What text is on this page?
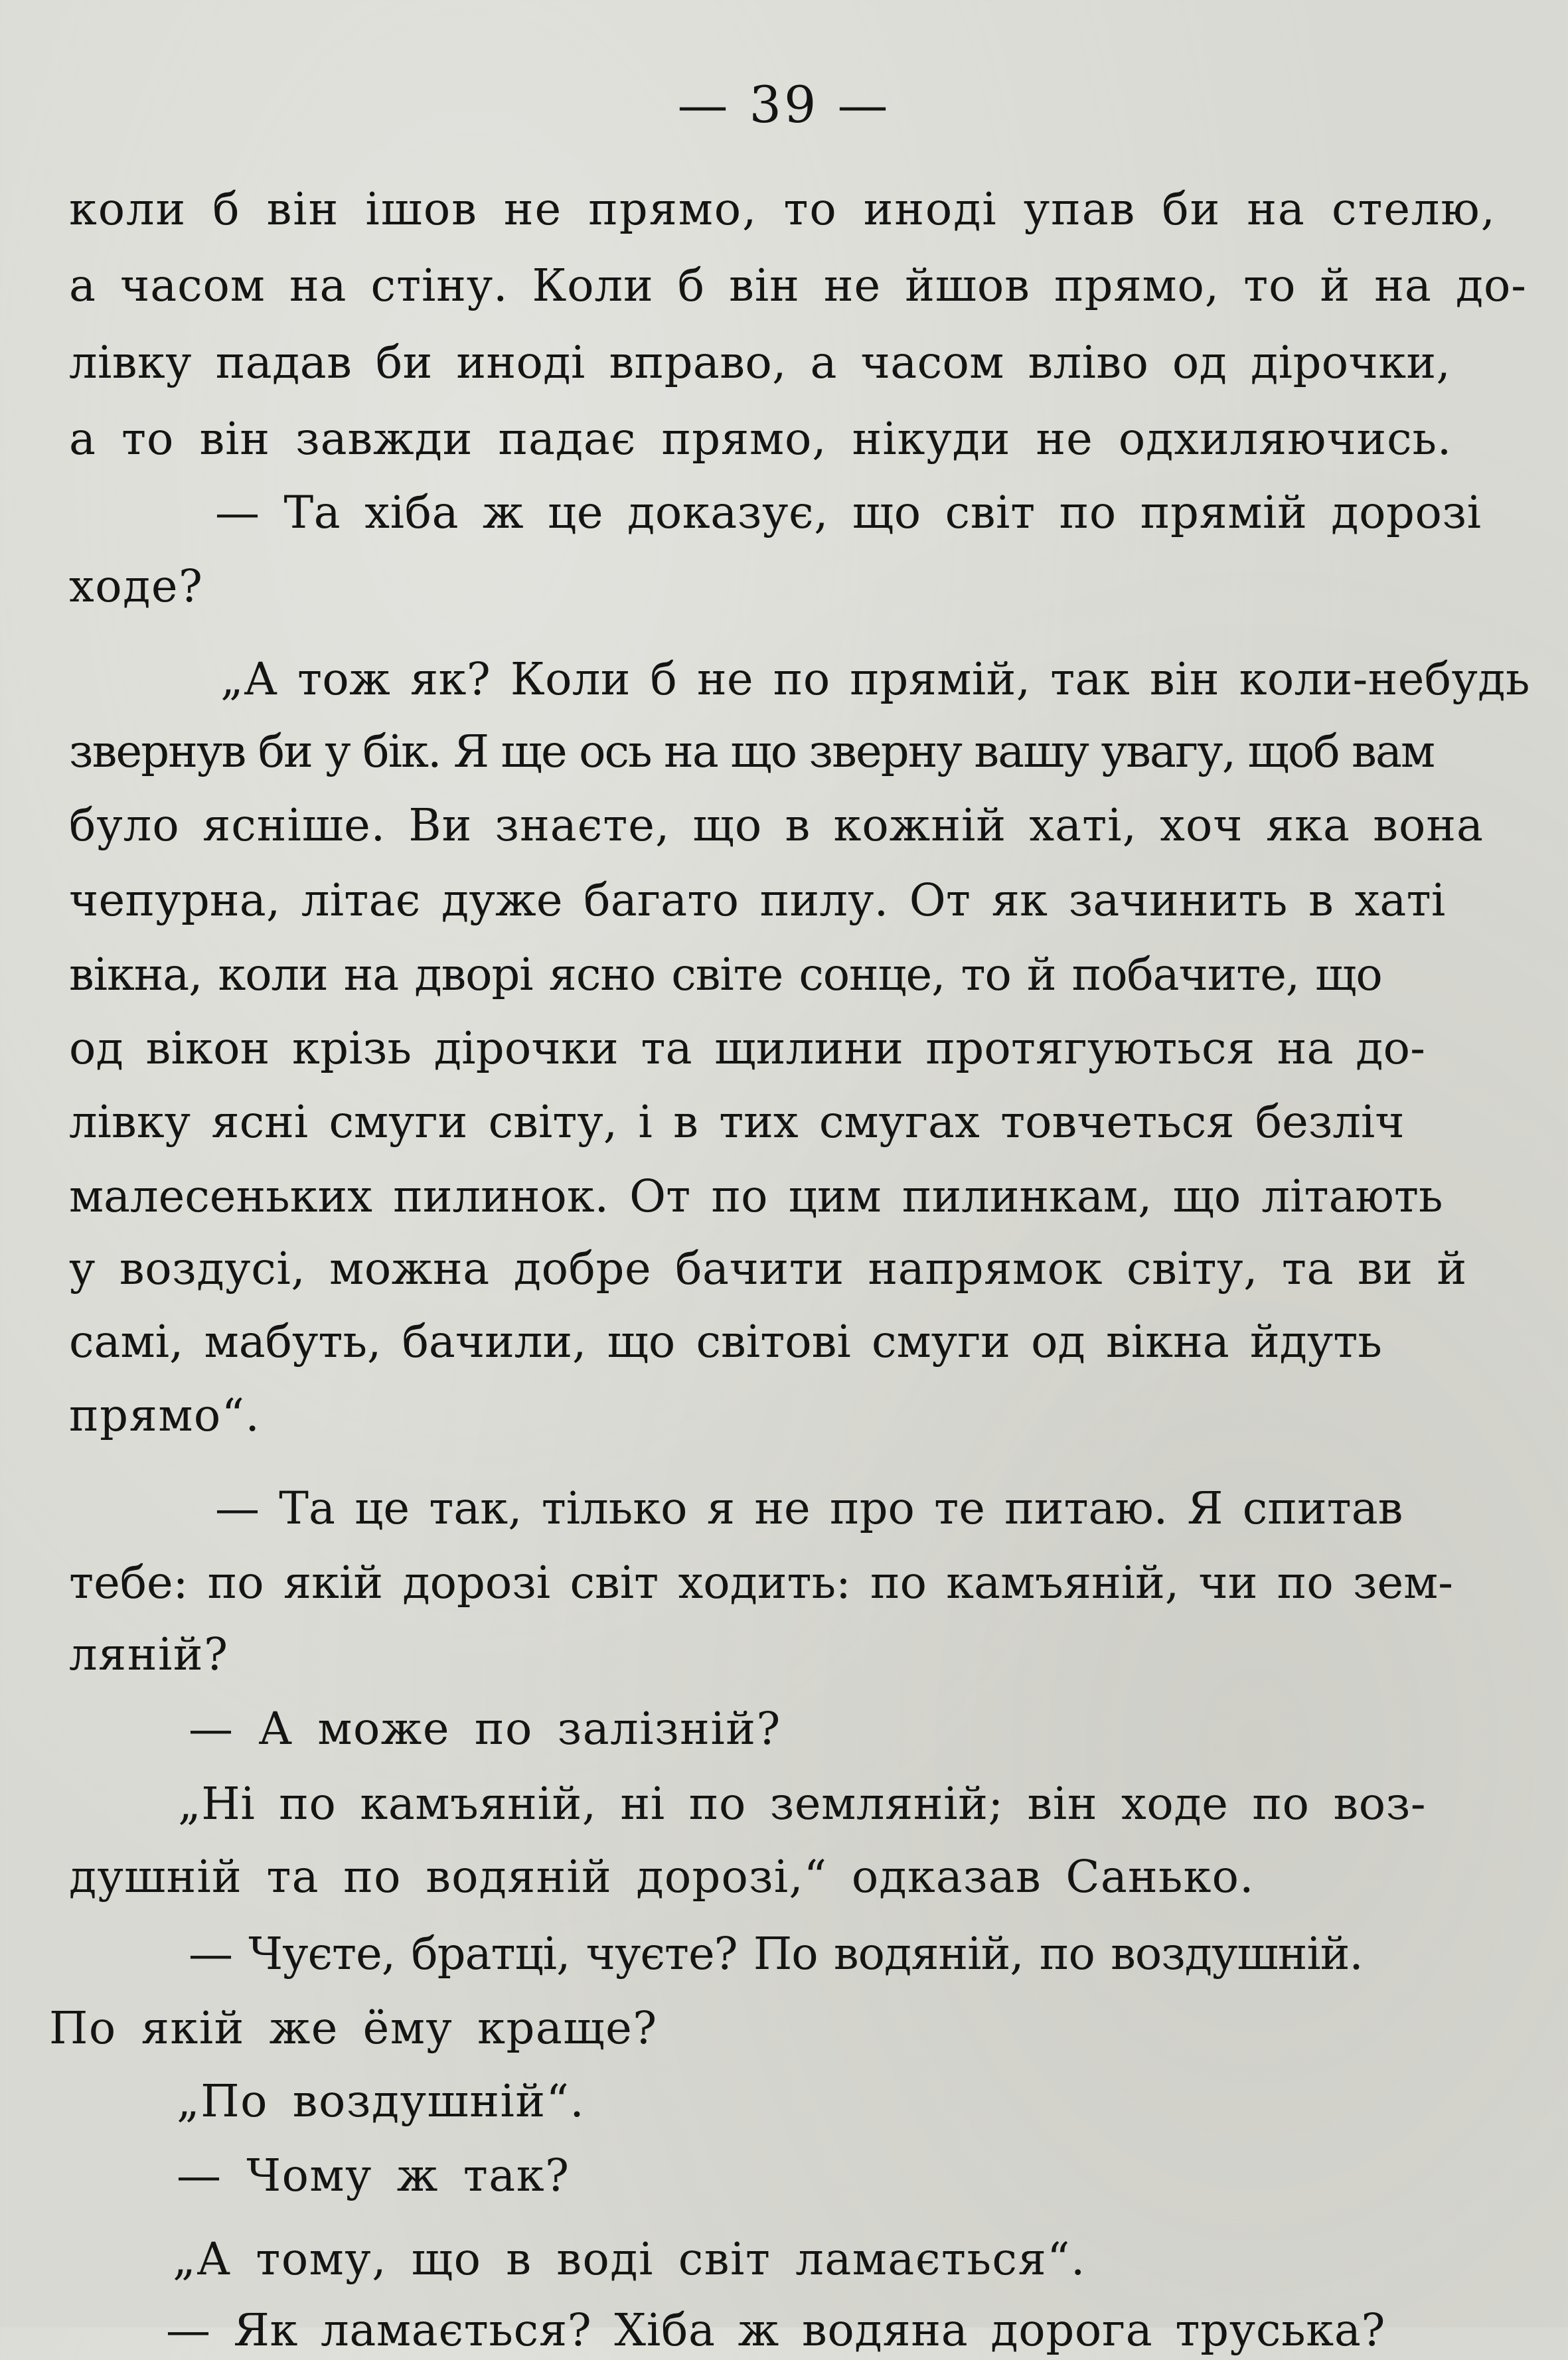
— 39 —
коли б він ішов не прямо, то иноді упав би на стелю,
а часом на стіну. Коли б він не йшов прямо, то й на до-
лівку падав би иноді вправо, а часом вліво од дірочки,
а то він завжди падає прямо, нікуди не одхиляючись.
— Та хіба ж це доказує, що світ по прямій дорозі
ходе?
„А тож як? Коли б не по прямій, так він коли-небудь
звернув би у бік. Я ще ось на що зверну вашу увагу, щоб вам
було ясніше. Ви знаєте, що в кожній хаті, хоч яка вона
чепурна, літає дуже багато пилу. От як зачинить в хаті
вікна, коли на дворі ясно світе сонце, то й побачите, що
од вікон крізь дірочки та щилини протягуються на до-
лівку ясні смуги світу, і в тих смугах товчеться безліч
малесеньких пилинок. От по цим пилинкам, що літають
у воздусі, можна добре бачити напрямок світу, та ви й
самі, мабуть, бачили, що світові смуги од вікна йдуть
прямо“.
— Та це так, тілько я не про те питаю. Я спитав
тебе: по якій дорозі світ ходить: по камъяній, чи по зем-
ляній?
— А може по залізній?
„Ні по камъяній, ні по земляній; він ходе по воз-
душній та по водяній дорозі,“ одказав Санько.
— Чуєте, братці, чуєте? По водяній, по воздушній.
По якій же ёму краще?
„По воздушній“.
— Чому ж так?
„А тому, що в воді світ ламається“.
— Як ламається? Хіба ж водяна дорога труська?
